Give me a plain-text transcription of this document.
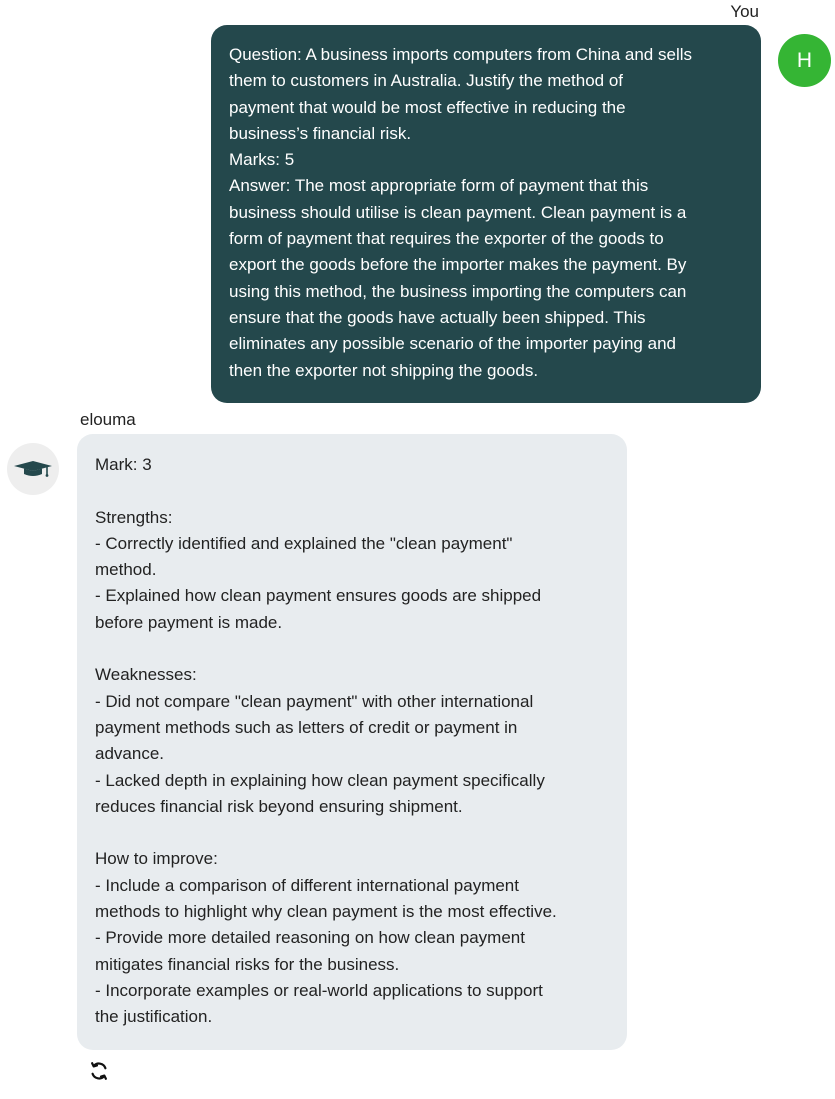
You
H
Question: A business imports computers from China and sells
them to customers in Australia. Justify the method of
payment that would be most effective in reducing the
business’s financial risk.
Marks: 5
Answer: The most appropriate form of payment that this
business should utilise is clean payment. Clean payment is a
form of payment that requires the exporter of the goods to
export the goods before the importer makes the payment. By
using this method, the business importing the computers can
ensure that the goods have actually been shipped. This
eliminates any possible scenario of the importer paying and
then the exporter not shipping the goods.
elouma
Mark: 3
Strengths:
- Correctly identified and explained the "clean payment"
method.
- Explained how clean payment ensures goods are shipped
before payment is made.
Weaknesses:
- Did not compare "clean payment" with other international
payment methods such as letters of credit or payment in
advance.
- Lacked depth in explaining how clean payment specifically
reduces financial risk beyond ensuring shipment.
How to improve:
- Include a comparison of different international payment
methods to highlight why clean payment is the most effective.
- Provide more detailed reasoning on how clean payment
mitigates financial risks for the business.
- Incorporate examples or real-world applications to support
the justification.
